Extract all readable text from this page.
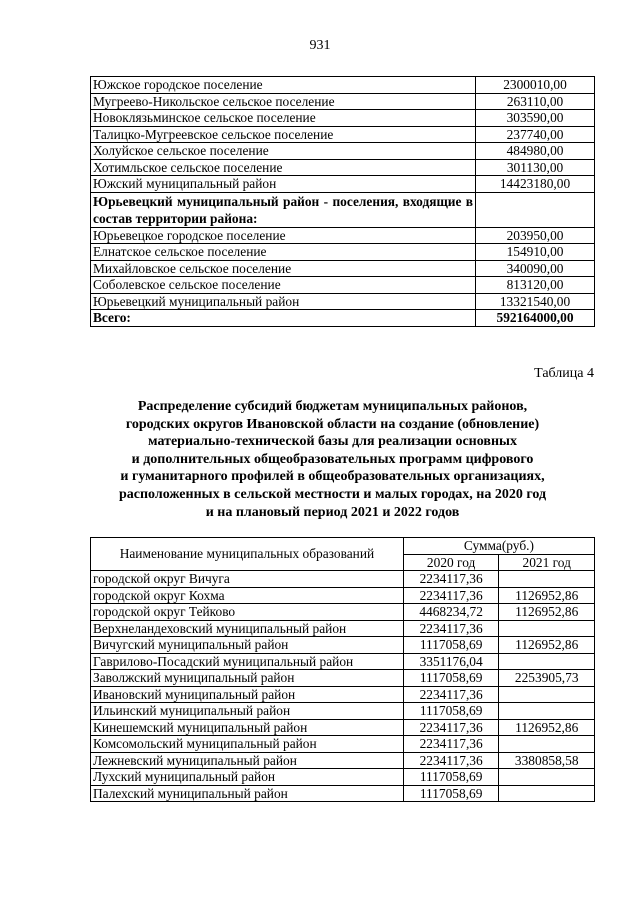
931
Южское городское поселение	2300010,00
Мугреево-Никольское сельское поселение	263110,00
Новоклязьминское сельское поселение	303590,00
Талицко-Мугреевское сельское поселение	237740,00
Холуйское сельское поселение	484980,00
Хотимльское сельское поселение	301130,00
Южский муниципальный район	14423180,00
Юрьевецкий муниципальный район - поселения, входящие в состав территории района:	
Юрьевецкое городское поселение	203950,00
Елнатское сельское поселение	154910,00
Михайловское сельское поселение	340090,00
Соболевское сельское поселение	813120,00
Юрьевецкий муниципальный район	13321540,00
Всего:	592164000,00
Таблица 4
Распределение субсидий бюджетам муниципальных районов,
городских округов Ивановской области на создание (обновление)
материально-технической базы для реализации основных
и дополнительных общеобразовательных программ цифрового
и гуманитарного профилей в общеобразовательных организациях,
расположенных в сельской местности и малых городах, на 2020 год
и на плановый период 2021 и 2022 годов
Наименование муниципальных образований	Сумма(руб.)	
	2020 год	2021 год
городской округ Вичуга	2234117,36	
городской округ Кохма	2234117,36	1126952,86
городской округ Тейково	4468234,72	1126952,86
Верхнеландеховский муниципальный район	2234117,36	
Вичугский муниципальный район	1117058,69	1126952,86
Гаврилово-Посадский муниципальный район	3351176,04	
Заволжский муниципальный район	1117058,69	2253905,73
Ивановский муниципальный район	2234117,36	
Ильинский муниципальный район	1117058,69	
Кинешемский муниципальный район	2234117,36	1126952,86
Комсомольский муниципальный район	2234117,36	
Лежневский муниципальный район	2234117,36	3380858,58
Лухский муниципальный район	1117058,69	
Палехский муниципальный район	1117058,69	
